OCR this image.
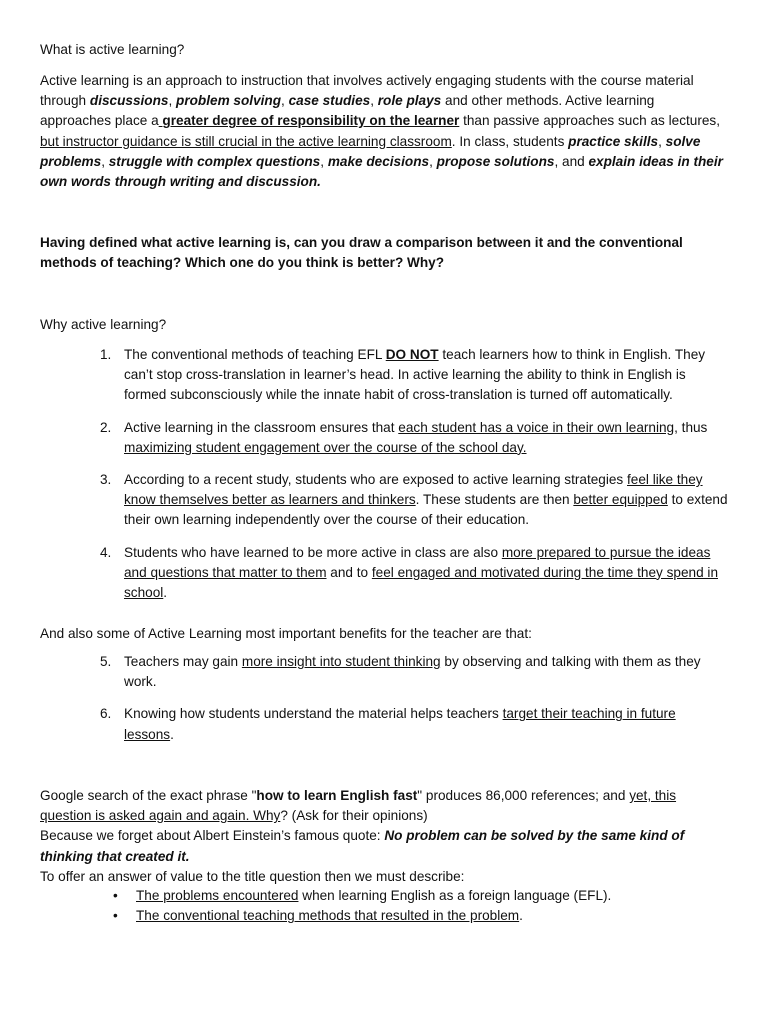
What is active learning?

Active learning is an approach to instruction that involves actively engaging students with the course material through discussions, problem solving, case studies, role plays and other methods. Active learning approaches place a greater degree of responsibility on the learner than passive approaches such as lectures, but instructor guidance is still crucial in the active learning classroom. In class, students practice skills, solve problems, struggle with complex questions, make decisions, propose solutions, and explain ideas in their own words through writing and discussion.

Having defined what active learning is, can you draw a comparison between it and the conventional methods of teaching? Which one do you think is better? Why?

Why active learning?

1. The conventional methods of teaching EFL DO NOT teach learners how to think in English. They can’t stop cross-translation in learner’s head. In active learning the ability to think in English is formed subconsciously while the innate habit of cross-translation is turned off automatically.
2. Active learning in the classroom ensures that each student has a voice in their own learning, thus maximizing student engagement over the course of the school day.
3. According to a recent study, students who are exposed to active learning strategies feel like they know themselves better as learners and thinkers. These students are then better equipped to extend their own learning independently over the course of their education.
4. Students who have learned to be more active in class are also more prepared to pursue the ideas and questions that matter to them and to feel engaged and motivated during the time they spend in school.

And also some of Active Learning most important benefits for the teacher are that:

5. Teachers may gain more insight into student thinking by observing and talking with them as they work.
6. Knowing how students understand the material helps teachers target their teaching in future lessons.
Google search of the exact phrase "how to learn English fast" produces 86,000 references; and yet, this question is asked again and again. Why? (Ask for their opinions)
Because we forget about Albert Einstein’s famous quote: No problem can be solved by the same kind of thinking that created it.
To offer an answer of value to the title question then we must describe:
• The problems encountered when learning English as a foreign language (EFL).
• The conventional teaching methods that resulted in the problem.
